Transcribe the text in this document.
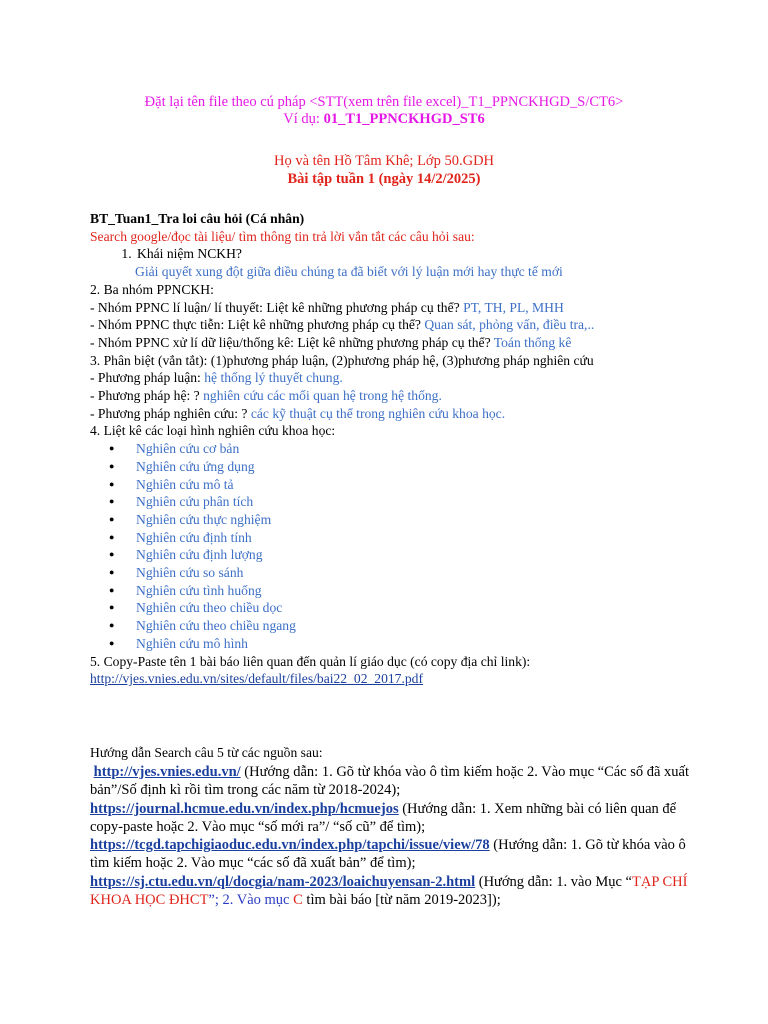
Đặt lại tên file theo cú pháp <STT(xem trên file excel)_T1_PPNCKHGD_S/CT6>
Ví dụ: 01_T1_PPNCKHGD_ST6
Họ và tên Hồ Tâm Khê; Lớp 50.GDH
Bài tập tuần 1 (ngày 14/2/2025)
BT_Tuan1_Tra loi câu hỏi (Cá nhân)
Search google/đọc tài liệu/ tìm thông tin trả lời vắn tắt các câu hỏi sau:
1. Khái niệm NCKH?
Giải quyết xung đột giữa điều chúng ta đã biết với lý luận mới hay thực tế mới
2. Ba nhóm PPNCKH:
- Nhóm PPNC lí luận/ lí thuyết: Liệt kê những phương pháp cụ thể? PT, TH, PL, MHH
- Nhóm PPNC thực tiễn: Liệt kê những phương pháp cụ thể? Quan sát, phỏng vấn, điều tra,..
- Nhóm PPNC xử lí dữ liệu/thống kê: Liệt kê những phương pháp cụ thể? Toán thống kê
3. Phân biệt (vắn tắt): (1)phương pháp luận, (2)phương pháp hệ, (3)phương pháp nghiên cứu
- Phương pháp luận: hệ thống lý thuyết chung.
- Phương pháp hệ: ? nghiên cứu các mối quan hệ trong hệ thống.
- Phương pháp nghiên cứu: ? các kỹ thuật cụ thể trong nghiên cứu khoa học.
4. Liệt kê các loại hình nghiên cứu khoa học:
● Nghiên cứu cơ bản
● Nghiên cứu ứng dụng
● Nghiên cứu mô tả
● Nghiên cứu phân tích
● Nghiên cứu thực nghiệm
● Nghiên cứu định tính
● Nghiên cứu định lượng
● Nghiên cứu so sánh
● Nghiên cứu tình huống
● Nghiên cứu theo chiều dọc
● Nghiên cứu theo chiều ngang
● Nghiên cứu mô hình
5. Copy-Paste tên 1 bài báo liên quan đến quản lí giáo dục (có copy địa chỉ link):
http://vjes.vnies.edu.vn/sites/default/files/bai22_02_2017.pdf
Hướng dẫn Search câu 5 từ các nguồn sau:

http://vjes.vnies.edu.vn/ (Hướng dẫn: 1. Gõ từ khóa vào ô tìm kiếm hoặc 2. Vào mục “Các số đã xuất bản”/Số định kì rồi tìm trong các năm từ 2018-2024);

https://journal.hcmue.edu.vn/index.php/hcmuejos (Hướng dẫn: 1. Xem những bài có liên quan để copy-paste hoặc 2. Vào mục “số mới ra”/ “số cũ” để tìm);

https://tcgd.tapchigiaoduc.edu.vn/index.php/tapchi/issue/view/78 (Hướng dẫn: 1. Gõ từ khóa vào ô tìm kiếm hoặc 2. Vào mục “các số đã xuất bản” để tìm);

https://sj.ctu.edu.vn/ql/docgia/nam-2023/loaichuyensan-2.html (Hướng dẫn: 1. vào Mục “TẠP CHÍ KHOA HỌC ĐHCT”; 2. Vào mục C tìm bài báo [từ năm 2019-2023]);
